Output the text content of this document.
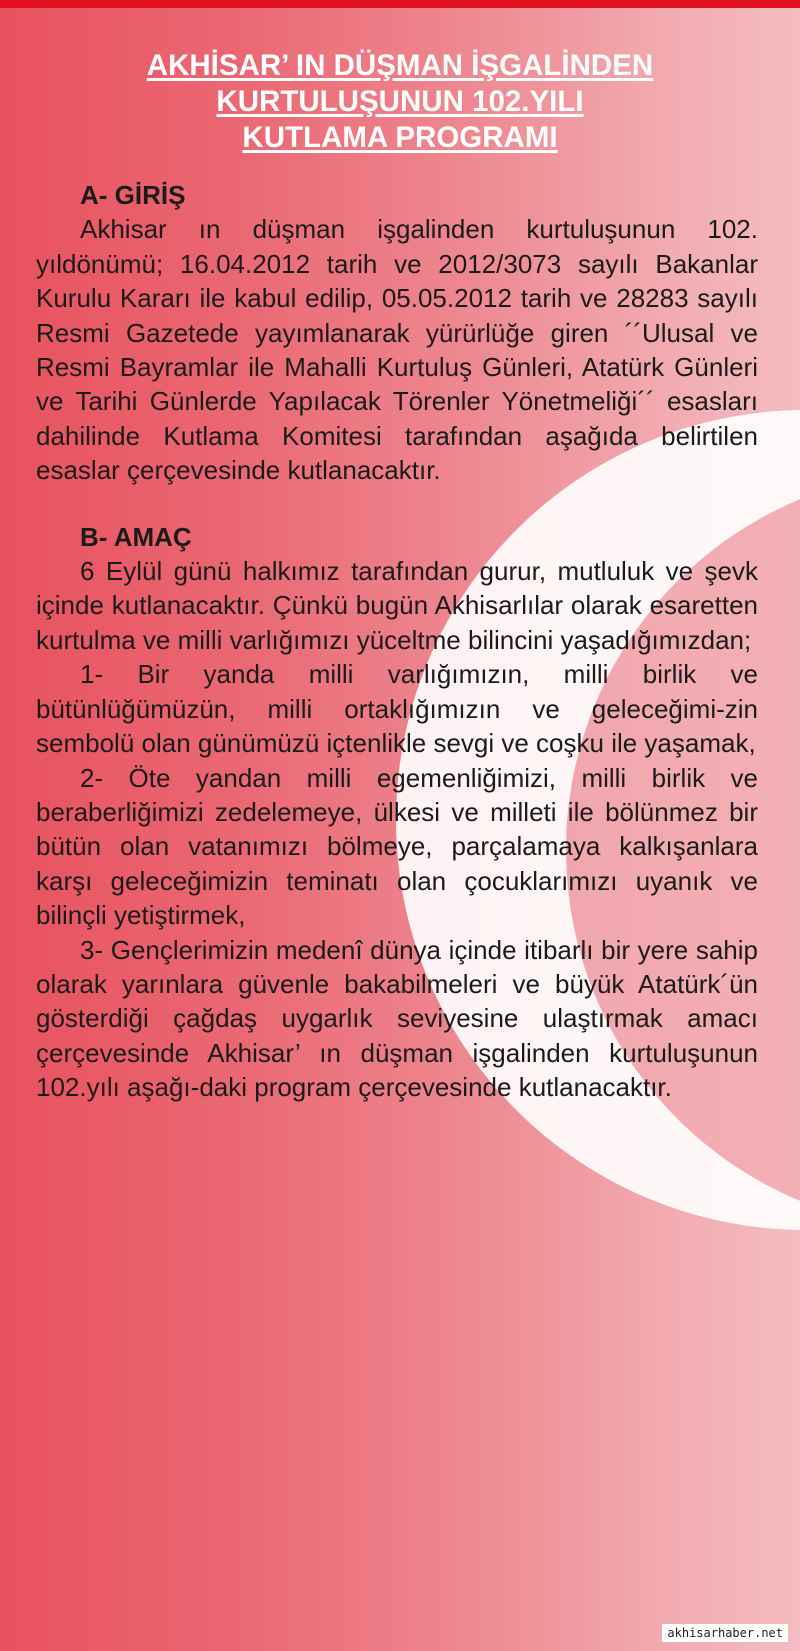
AKHİSAR’ IN DÜŞMAN İŞGALİNDEN
KURTULUŞUNUN 102.YILI
KUTLAMA PROGRAMI
A- GİRİŞ

Akhisar ın düşman işgalinden kurtuluşunun 102. yıldönümü; 16.04.2012 tarih ve 2012/3073 sayılı Bakanlar Kurulu Kararı ile kabul edilip, 05.05.2012 tarih ve 28283 sayılı Resmi Gazetede yayımlanarak yürürlüğe giren ´´Ulusal ve Resmi Bayramlar ile Mahalli Kurtuluş Günleri, Atatürk Günleri ve Tarihi Günlerde Yapılacak Törenler Yönetmeliği´´ esasları dahilinde Kutlama Komitesi tarafından aşağıda belirtilen esaslar çerçevesinde kutlanacaktır.

B- AMAÇ

6 Eylül günü halkımız tarafından gurur, mutluluk ve şevk içinde kutlanacaktır. Çünkü bugün Akhisarlılar olarak esaretten kurtulma ve milli varlığımızı yüceltme bilincini yaşadığımızdan;

1- Bir yanda milli varlığımızın, milli birlik ve bütünlüğümüzün, milli ortaklığımızın ve geleceğimi-zin sembolü olan günümüzü içtenlikle sevgi ve coşku ile yaşamak,

2- Öte yandan milli egemenliğimizi, milli birlik ve beraberliğimizi zedelemeye, ülkesi ve milleti ile bölünmez bir bütün olan vatanımızı bölmeye, parçalamaya kalkışanlara karşı geleceğimizin teminatı olan çocuklarımızı uyanık ve bilinçli yetiştirmek,

3- Gençlerimizin medenî dünya içinde itibarlı bir yere sahip olarak yarınlara güvenle bakabilmeleri ve büyük Atatürk´ün gösterdiği çağdaş uygarlık seviyesine ulaştırmak amacı çerçevesinde Akhisar’ ın düşman işgalinden kurtuluşunun 102.yılı aşağı-daki program çerçevesinde kutlanacaktır.

akhisarhaber.net
